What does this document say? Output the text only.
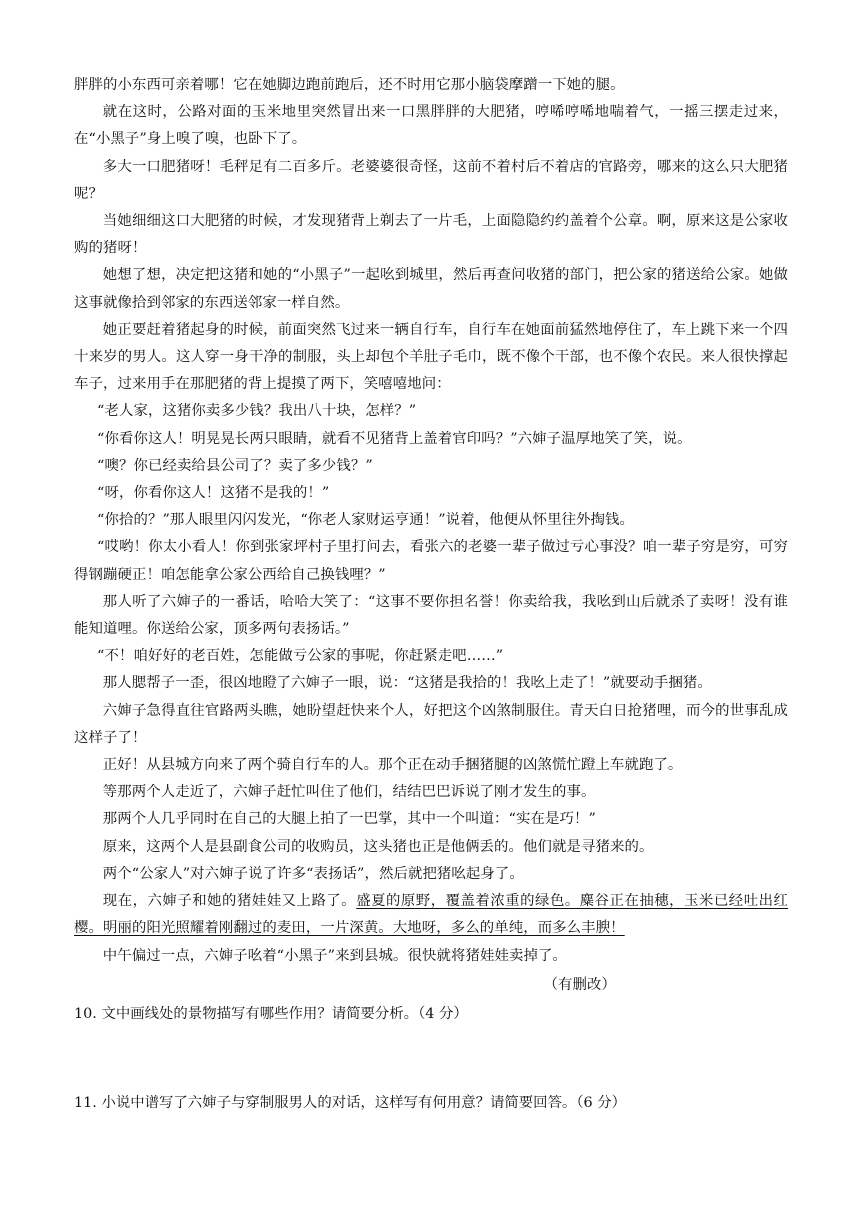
胖胖的小东西可亲着哪！它在她脚边跑前跑后，还不时用它那小脑袋摩蹭一下她的腿。

就在这时，公路对面的玉米地里突然冒出来一口黑胖胖的大肥猪，哼唏哼唏地喘着气，一摇三摆走过来，在“小黑子”身上嗅了嗅，也卧下了。

多大一口肥猪呀！毛秤足有二百多斤。老婆婆很奇怪，这前不着村后不着店的官路旁，哪来的这么只大肥猪呢？

当她细细这口大肥猪的时候，才发现猪背上剃去了一片毛，上面隐隐约约盖着个公章。啊，原来这是公家收购的猪呀！

她想了想，决定把这猪和她的“小黑子”一起吆到城里，然后再查问收猪的部门，把公家的猪送给公家。她做这事就像拾到邻家的东西送邻家一样自然。

她正要赶着猪起身的时候，前面突然飞过来一辆自行车，自行车在她面前猛然地停住了，车上跳下来一个四十来岁的男人。这人穿一身干净的制服，头上却包个羊肚子毛巾，既不像个干部，也不像个农民。来人很快撑起车子，过来用手在那肥猪的背上提摸了两下，笑嘻嘻地问：

“老人家，这猪你卖多少钱？我出八十块，怎样？”

“你看你这人！明晃晃长两只眼睛，就看不见猪背上盖着官印吗？”六婶子温厚地笑了笑，说。

“噢？你已经卖给县公司了？卖了多少钱？”

“呀，你看你这人！这猪不是我的！”

“你拾的？”那人眼里闪闪发光，“你老人家财运亨通！”说着，他便从怀里往外掏钱。

“哎哟！你太小看人！你到张家坪村子里打问去，看张六的老婆一辈子做过亏心事没？咱一辈子穷是穷，可穷得钢蹦硬正！咱怎能拿公家公西给自己换钱哩？”

那人听了六婶子的一番话，哈哈大笑了：“这事不要你担名誉！你卖给我，我吆到山后就杀了卖呀！没有谁能知道哩。你送给公家，顶多两句表扬话。”

“不！咱好好的老百姓，怎能做亏公家的事呢，你赶紧走吧……”

那人腮帮子一歪，很凶地瞪了六婶子一眼，说：“这猪是我拾的！我吆上走了！”就要动手捆猪。

六婶子急得直往官路两头瞧，她盼望赶快来个人，好把这个凶煞制服住。青天白日抢猪哩，而今的世事乱成这样子了！

正好！从县城方向来了两个骑自行车的人。那个正在动手捆猪腿的凶煞慌忙蹬上车就跑了。

等那两个人走近了，六婶子赶忙叫住了他们，结结巴巴诉说了刚才发生的事。

那两个人几乎同时在自己的大腿上拍了一巴掌，其中一个叫道：“实在是巧！”

原来，这两个人是县副食公司的收购员，这头猪也正是他俩丢的。他们就是寻猪来的。

两个“公家人”对六婶子说了许多“表扬话”，然后就把猪吆起身了。

现在，六婶子和她的猪娃娃又上路了。盛夏的原野，覆盖着浓重的绿色。麋谷正在抽穗，玉米已经吐出红樱。明丽的阳光照耀着刚翻过的麦田，一片深黄。大地呀，多么的单纯，而多么丰腴！

中午偏过一点，六婶子吆着“小黑子”来到县城。很快就将猪娃娃卖掉了。

（有删改）

10. 文中画线处的景物描写有哪些作用？请简要分析。（4 分）

11. 小说中谱写了六婶子与穿制服男人的对话，这样写有何用意？请简要回答。（6 分）
